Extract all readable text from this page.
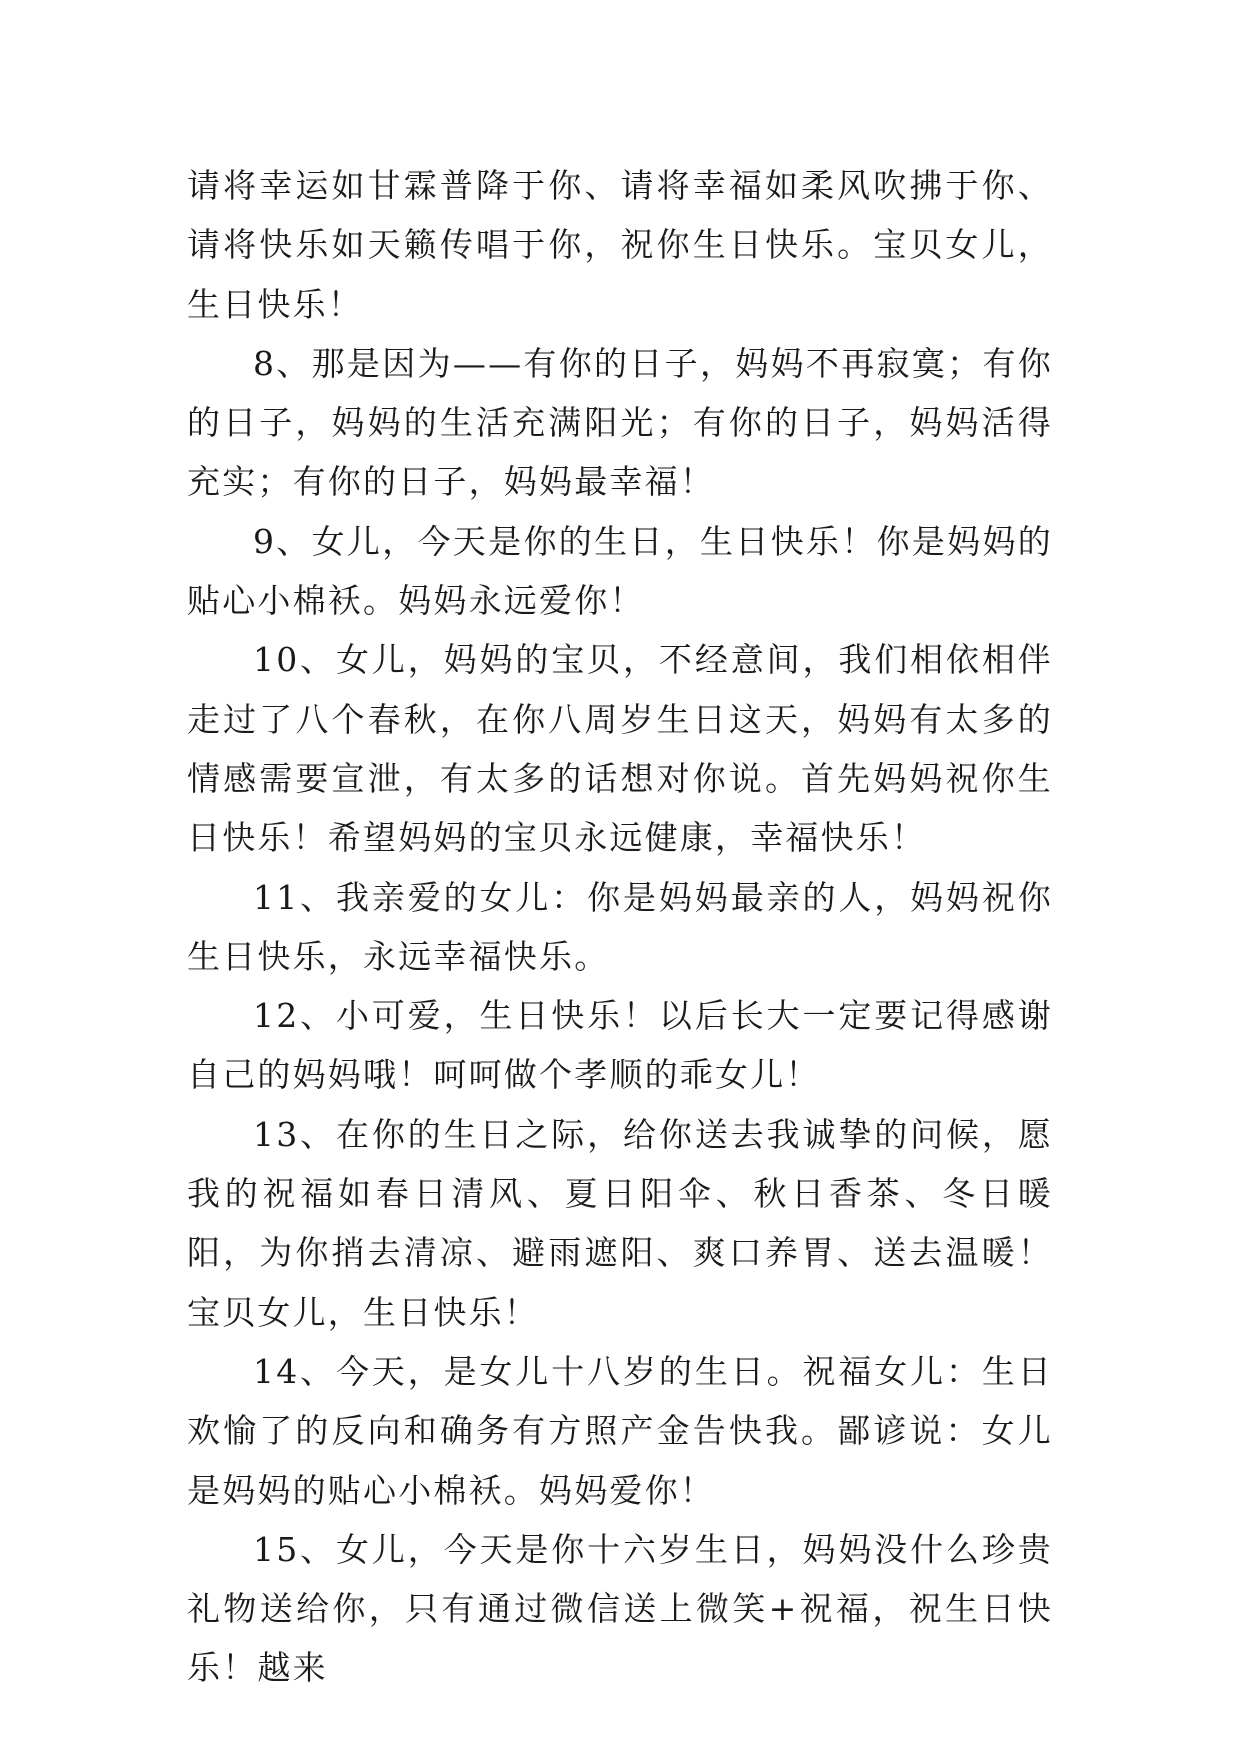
请将幸运如甘霖普降于你、请将幸福如柔风吹拂于你、请将快乐如天籁传唱于你，祝你生日快乐。宝贝女儿，生日快乐！

8、那是因为——有你的日子，妈妈不再寂寞；有你的日子，妈妈的生活充满阳光；有你的日子，妈妈活得充实；有你的日子，妈妈最幸福！

9、女儿，今天是你的生日，生日快乐！你是妈妈的贴心小棉袄。妈妈永远爱你！

10、女儿，妈妈的宝贝，不经意间，我们相依相伴走过了八个春秋，在你八周岁生日这天，妈妈有太多的情感需要宣泄，有太多的话想对你说。首先妈妈祝你生日快乐！希望妈妈的宝贝永远健康，幸福快乐！

11、我亲爱的女儿：你是妈妈最亲的人，妈妈祝你生日快乐，永远幸福快乐。

12、小可爱，生日快乐！以后长大一定要记得感谢自己的妈妈哦！呵呵做个孝顺的乖女儿！

13、在你的生日之际，给你送去我诚挚的问候，愿我的祝福如春日清风、夏日阳伞、秋日香茶、冬日暖阳，为你捎去清凉、避雨遮阳、爽口养胃、送去温暖！宝贝女儿，生日快乐！

14、今天，是女儿十八岁的生日。祝福女儿：生日欢愉了的反向和确务有方照产金告快我。鄙谚说：女儿是妈妈的贴心小棉袄。妈妈爱你！

15、女儿，今天是你十六岁生日，妈妈没什么珍贵礼物送给你，只有通过微信送上微笑+祝福，祝生日快乐！越来
